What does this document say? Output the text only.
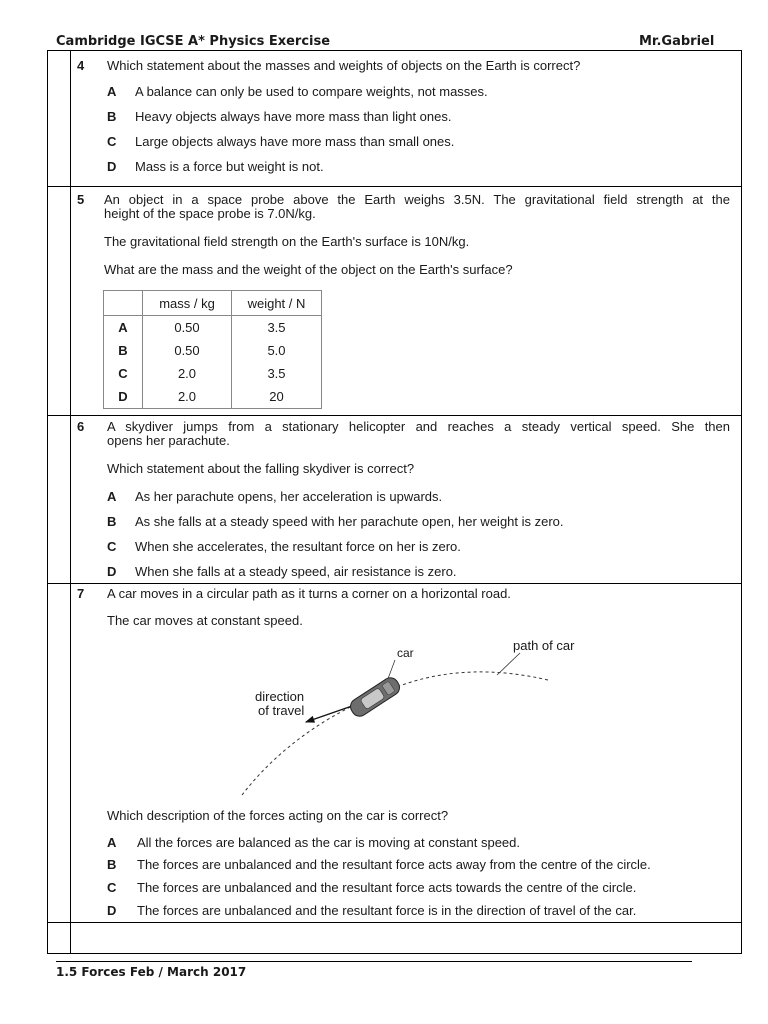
Cambridge IGCSE A* Physics Exercise	Mr.Gabriel
4 Which statement about the masses and weights of objects on the Earth is correct?
A A balance can only be used to compare weights, not masses.
B Heavy objects always have more mass than light ones.
C Large objects always have more mass than small ones.
D Mass is a force but weight is not.
5 An object in a space probe above the Earth weighs 3.5N. The gravitational field strength at the
height of the space probe is 7.0N/kg.
The gravitational field strength on the Earth's surface is 10N/kg.
What are the mass and the weight of the object on the Earth's surface?
	mass / kg	weight / N
A	0.50	3.5
B	0.50	5.0
C	2.0	3.5
D	2.0	20
6 A skydiver jumps from a stationary helicopter and reaches a steady vertical speed. She then
opens her parachute.
Which statement about the falling skydiver is correct?
A As her parachute opens, her acceleration is upwards.
B As she falls at a steady speed with her parachute open, her weight is zero.
C When she accelerates, the resultant force on her is zero.
D When she falls at a steady speed, air resistance is zero.
7 A car moves in a circular path as it turns a corner on a horizontal road.
The car moves at constant speed.
car	path of car
direction
of travel
Which description of the forces acting on the car is correct?
A All the forces are balanced as the car is moving at constant speed.
B The forces are unbalanced and the resultant force acts away from the centre of the circle.
C The forces are unbalanced and the resultant force acts towards the centre of the circle.
D The forces are unbalanced and the resultant force is in the direction of travel of the car.
1.5 Forces Feb / March 2017
